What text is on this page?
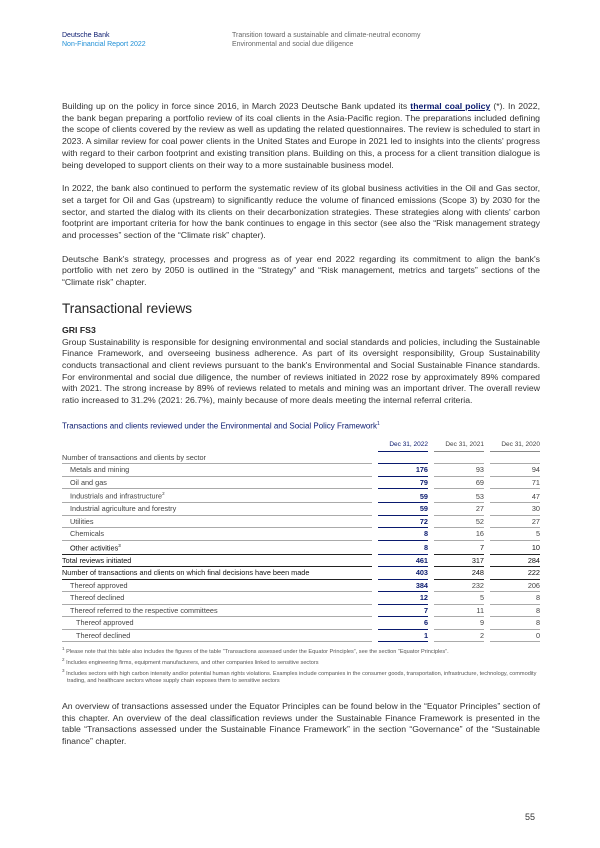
Deutsche Bank
Non-Financial Report 2022
Transition toward a sustainable and climate-neutral economy
Environmental and social due diligence

Building up on the policy in force since 2016, in March 2023 Deutsche Bank updated its thermal coal policy (*). In 2022, the bank began preparing a portfolio review of its coal clients in the Asia-Pacific region. The preparations included defining the scope of clients covered by the review as well as updating the related questionnaires. The review is scheduled to start in 2023. A similar review for coal power clients in the United States and Europe in 2021 led to insights into the clients' progress with regard to their carbon footprint and existing transition plans. Building on this, a process for a client transition dialogue is being developed to support clients on their way to a more sustainable business model.

In 2022, the bank also continued to perform the systematic review of its global business activities in the Oil and Gas sector, set a target for Oil and Gas (upstream) to significantly reduce the volume of financed emissions (Scope 3) by 2030 for the sector, and started the dialog with its clients on their decarbonization strategies. These strategies along with clients' carbon footprint are important criteria for how the bank continues to engage in this sector (see also the “Risk management strategy and processes” section of the “Climate risk” chapter).

Deutsche Bank's strategy, processes and progress as of year end 2022 regarding its commitment to align the bank's portfolio with net zero by 2050 is outlined in the “Strategy” and “Risk management, metrics and targets” sections of the “Climate risk” chapter.

Transactional reviews

GRI FS3

Group Sustainability is responsible for designing environmental and social standards and policies, including the Sustainable Finance Framework, and overseeing business adherence. As part of its oversight responsibility, Group Sustainability conducts transactional and client reviews pursuant to the bank's Environmental and Social Sustainable Finance standards. For environmental and social due diligence, the number of reviews initiated in 2022 rose by approximately 89% compared with 2021. The strong increase by 89% of reviews related to metals and mining was an important driver. The overall review ratio increased to 31.2% (2021: 26.7%), mainly because of more deals meeting the internal referral criteria.

Transactions and clients reviewed under the Environmental and Social Policy Framework$^1$

	Dec 31, 2022	Dec 31, 2021	Dec 31, 2020
Number of transactions and clients by sector			
Metals and mining	176	93	94
Oil and gas	79	69	71
Industrials and infrastructure$^2$	59	53	47
Industrial agriculture and forestry	59	27	30
Utilities	72	52	27
Chemicals	8	16	5
Other activities$^3$	8	7	10
Total reviews initiated	461	317	284
Number of transactions and clients on which final decisions have been made	403	248	222
Thereof approved	384	232	206
Thereof declined	12	5	8
Thereof referred to the respective committees	7	11	8
Thereof approved	6	9	8
Thereof declined	1	2	0
$^1$ Please note that this table also includes the figures of the table “Transactions assessed under the Equator Principles”, see the section “Equator Principles”.
$^2$ Includes engineering firms, equipment manufacturers, and other companies linked to sensitive sectors
$^3$ Includes sectors with high carbon intensity and/or potential human rights violations. Examples include companies in the consumer goods, transportation, infrastructure, technology, commodity trading, and healthcare sectors whose supply chain exposes them to sensitive sectors

An overview of transactions assessed under the Equator Principles can be found below in the “Equator Principles” section of this chapter. An overview of the deal classification reviews under the Sustainable Finance Framework is presented in the table “Transactions assessed under the Sustainable Finance Framework” in the section “Governance” of the “Sustainable finance” chapter.

55
